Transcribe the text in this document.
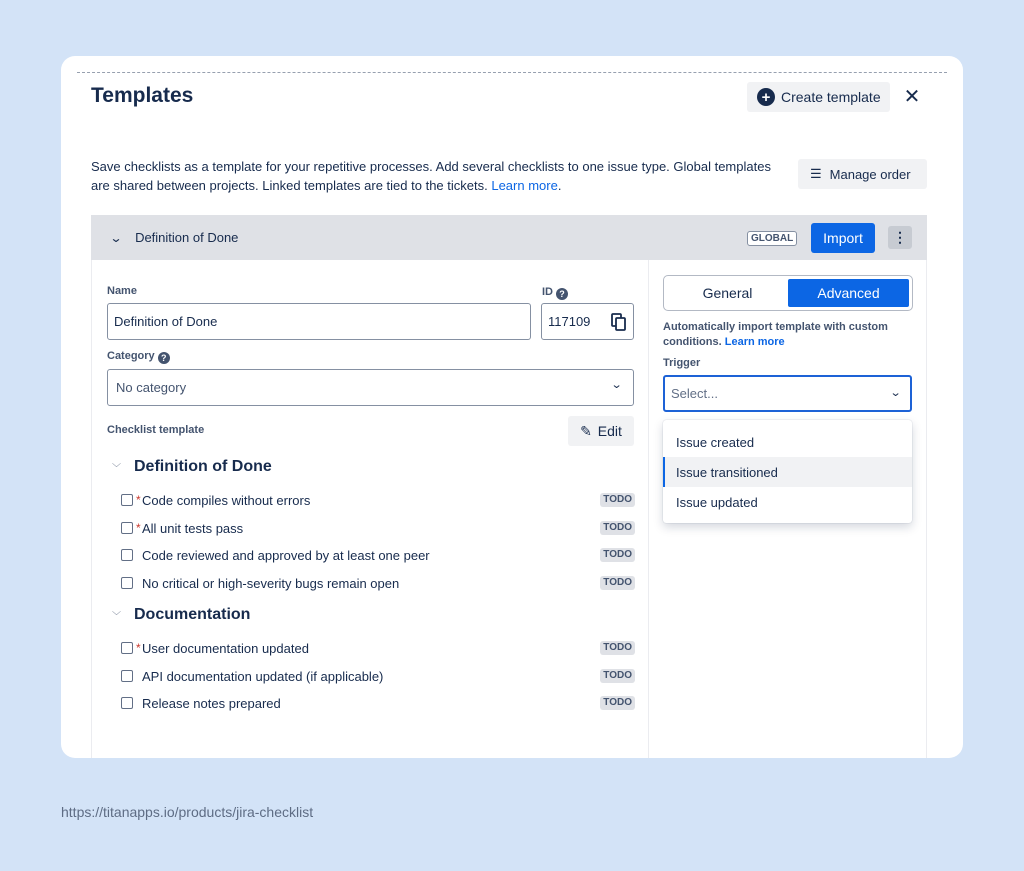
Templates	+ Create template ✕
Save checklists as a template for your repetitive processes. Add several checklists to one issue type. Global templates are shared between projects. Linked templates are tied to the tickets. Learn more.
☰ Manage order
⌄ Definition of Done	GLOBAL	Import	⋮
Name
Definition of Done
ID ?
117109
Category ?
No category	⌄
Checklist template	✎ Edit
﹀ Definition of Done
* Code compiles without errors	TODO
* All unit tests pass	TODO
Code reviewed and approved by at least one peer	TODO
No critical or high-severity bugs remain open	TODO
﹀ Documentation
* User documentation updated	TODO
API documentation updated (if applicable)	TODO
Release notes prepared	TODO
General	Advanced
Automatically import template with custom conditions. Learn more
Trigger
Select...	⌄
Issue created
Issue transitioned
Issue updated
https://titanapps.io/products/jira-checklist
